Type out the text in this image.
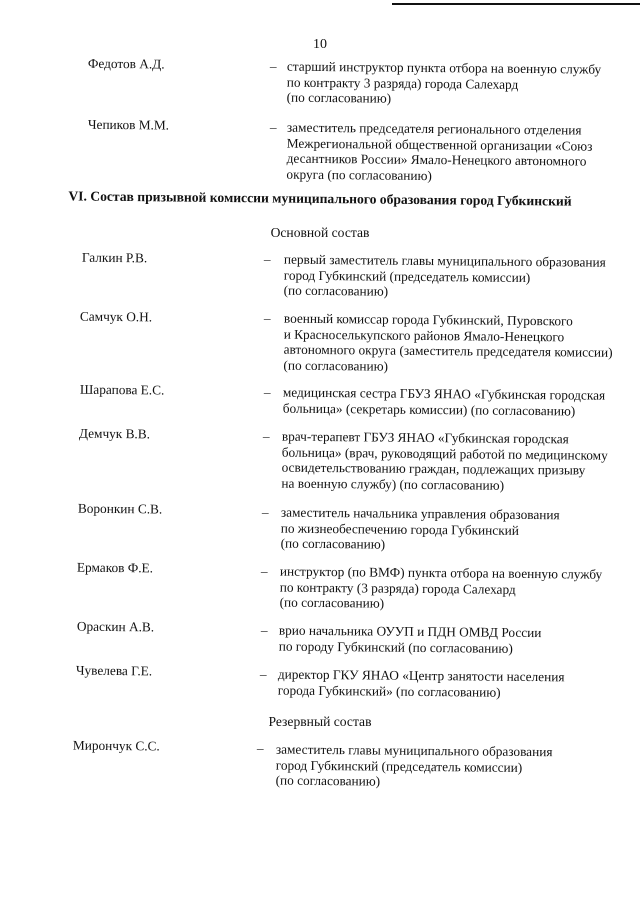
10
VI. Состав призывной комиссии муниципального образования город Губкинский
Основной состав
Резервный состав
Федотов А.Д.	– старший инструктор пункта отбора на военную службу
по контракту 3 разряда) города Салехард
(по согласованию)
Чепиков М.М.	– заместитель председателя регионального отделения
Межрегиональной общественной организации «Союз
десантников России» Ямало-Ненецкого автономного
округа (по согласованию)
Галкин Р.В.	– первый заместитель главы муниципального образования
город Губкинский (председатель комиссии)
(по согласованию)
Самчук О.Н.	– военный комиссар города Губкинский, Пуровского
и Красноселькупского районов Ямало-Ненецкого
автономного округа (заместитель председателя комиссии)
(по согласованию)
Шарапова Е.С.	– медицинская сестра ГБУЗ ЯНАО «Губкинская городская
больница» (секретарь комиссии) (по согласованию)
Демчук В.В.	– врач-терапевт ГБУЗ ЯНАО «Губкинская городская
больница» (врач, руководящий работой по медицинскому
освидетельствованию граждан, подлежащих призыву
на военную службу) (по согласованию)
Воронкин С.В.	– заместитель начальника управления образования
по жизнеобеспечению города Губкинский
(по согласованию)
Ермаков Ф.Е.	– инструктор (по ВМФ) пункта отбора на военную службу
по контракту (3 разряда) города Салехард
(по согласованию)
Орaскин А.В.	– врио начальника ОУУП и ПДН ОМВД России
по городу Губкинский (по согласованию)
Чувелева Г.Е.	– директор ГКУ ЯНАО «Центр занятости населения
города Губкинский» (по согласованию)
Мирончук С.С.	– заместитель главы муниципального образования
город Губкинский (председатель комиссии)
(по согласованию)
